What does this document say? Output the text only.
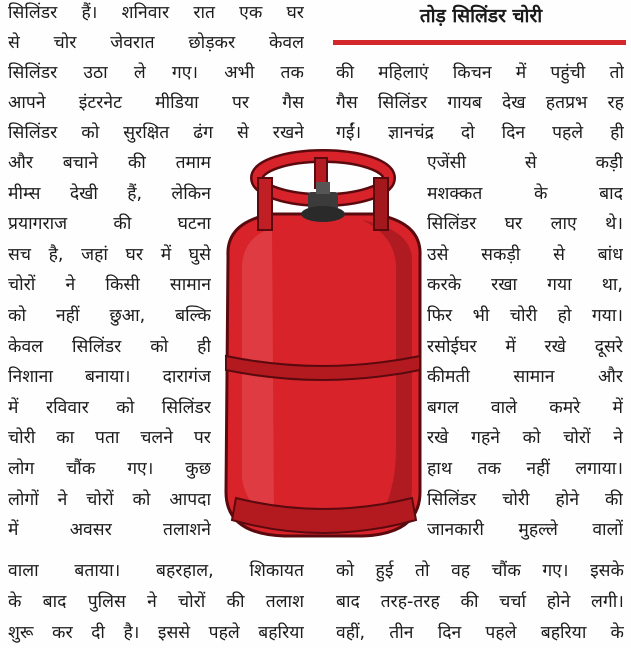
तोड़ सिलिंडर चोरी
सिलिंडर हैं। शनिवार रात एक घर
से चोर जेवरात छोड़कर केवल
सिलिंडर उठा ले गए। अभी तक
आपने इंटरनेट मीडिया पर गैस
सिलिंडर को सुरक्षित ढंग से रखने
और बचाने की तमाम
मीम्स देखी हैं, लेकिन
प्रयागराज	की	घटना
सच है, जहां घर में घुसे
चोरों ने किसी सामान
को नहीं छुआ, बल्कि
केवल सिलिंडर को ही
निशाना बनाया। दारागंज
में रविवार को सिलिंडर
चोरी का पता चलने पर
लोग चौंक गए। कुछ
लोगों ने चोरों को आपदा
में	अवसर	तलाशने
वाला बताया। बहरहाल, शिकायत
के बाद पुलिस ने चोरों की तलाश
शुरू कर दी है। इससे पहले बहरिया
की महिलाएं किचन में पहुंची तो
गैस सिलिंडर गायब देख हतप्रभ रह
गईं। ज्ञानचंद्र दो दिन पहले ही
एजेंसी	से	कड़ी
मशक्कत	के	बाद
सिलिंडर घर लाए थे।
उसे सकड़ी से बांध
करके रखा गया था,
फिर भी चोरी हो गया।
रसोईघर में रखे दूसरे
कीमती सामान और
बगल वाले कमरे में
रखे गहने को चोरों ने
हाथ तक नहीं लगाया।
सिलिंडर चोरी होने की
जानकारी मुहल्ले वालों
को हुई तो वह चौंक गए। इसके
बाद तरह-तरह की चर्चा होने लगी।
वहीं, तीन दिन पहले बहरिया के
